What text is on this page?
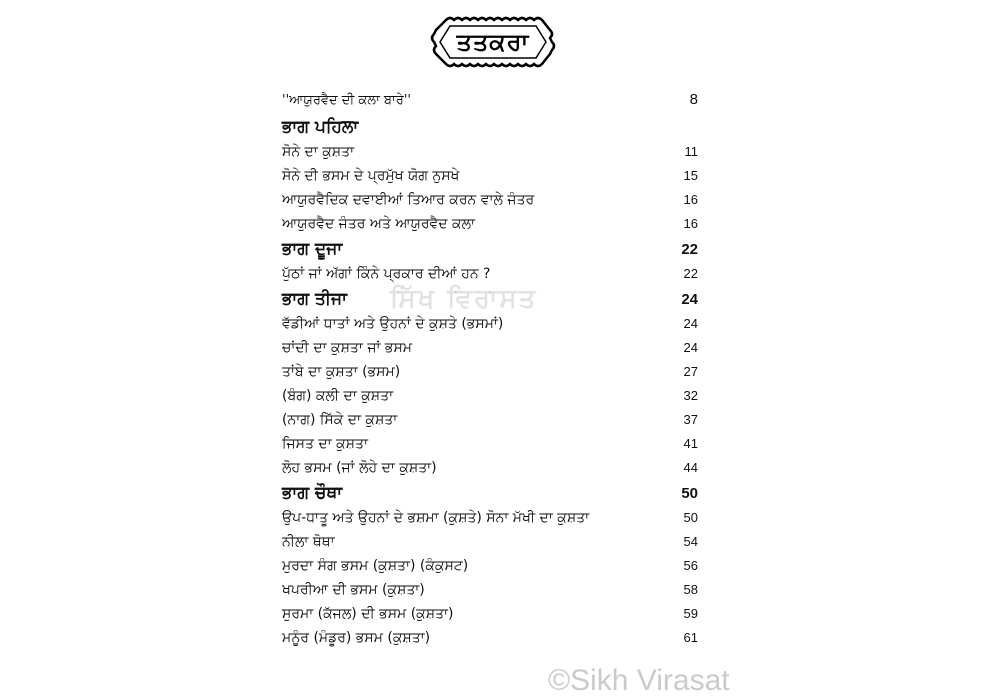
ਤਤਕਰਾ
''ਆਯੁਰਵੈਦ ਦੀ ਕਲਾ ਬਾਰੇ''	8
ਭਾਗ ਪਹਿਲਾ
ਸੋਨੇ ਦਾ ਕੁਸ਼ਤਾ	11
ਸੋਨੇ ਦੀ ਭਸਮ ਦੇ ਪ੍ਰਮੁੱਖ ਯੋਗ ਨੁਸਖੇ	15
ਆਯੁਰਵੈਦਿਕ ਦਵਾਈਆਂ ਤਿਆਰ ਕਰਨ ਵਾਲੇ ਜੰਤਰ	16
ਆਯੁਰਵੈਦ ਜੰਤਰ ਅਤੇ ਆਯੁਰਵੈਦ ਕਲਾ	16
ਭਾਗ ਦੂਜਾ	22
ਪੁੱਠਾਂ ਜਾਂ ਅੱਗਾਂ ਕਿੰਨੇ ਪ੍ਰਕਾਰ ਦੀਆਂ ਹਨ ?	22
ਭਾਗ ਤੀਜਾ	24
ਵੱਡੀਆਂ ਧਾਤਾਂ ਅਤੇ ਉਹਨਾਂ ਦੇ ਕੁਸ਼ਤੇ (ਭਸਮਾਂ)	24
ਚਾਂਦੀ ਦਾ ਕੁਸ਼ਤਾ ਜਾਂ ਭਸਮ	24
ਤਾਂਬੇ ਦਾ ਕੁਸ਼ਤਾ (ਭਸਮ)	27
(ਬੰਗ) ਕਲੀ ਦਾ ਕੁਸ਼ਤਾ	32
(ਨਾਗ) ਸਿੱਕੇ ਦਾ ਕੁਸ਼ਤਾ	37
ਜਿਸਤ ਦਾ ਕੁਸ਼ਤਾ	41
ਲੋਹ ਭਸਮ (ਜਾਂ ਲੋਹੇ ਦਾ ਕੁਸ਼ਤਾ)	44
ਭਾਗ ਚੌਥਾ	50
ਉਪ-ਧਾਤੂ ਅਤੇ ਉਹਨਾਂ ਦੇ ਭਸ਼ਮਾ (ਕੁਸ਼ਤੇ) ਸੋਨਾ ਮੱਖੀ ਦਾ ਕੁਸ਼ਤਾ	50
ਨੀਲਾ ਥੋਥਾ	54
ਮੁਰਦਾ ਸੰਗ ਭਸਮ (ਕੁਸ਼ਤਾ) (ਕੰਕੁਸਟ)	56
ਖਪਰੀਆ ਦੀ ਭਸਮ (ਕੁਸ਼ਤਾ)	58
ਸੁਰਮਾ (ਕੱਜਲ) ਦੀ ਭਸਮ (ਕੁਸ਼ਤਾ)	59
ਮਨੂੰਰ (ਮੰਡੂਰ) ਭਸਮ (ਕੁਸ਼ਤਾ)	61
ਸਿੱਖ ਵਿਰਾਸਤ
©Sikh Virasat
